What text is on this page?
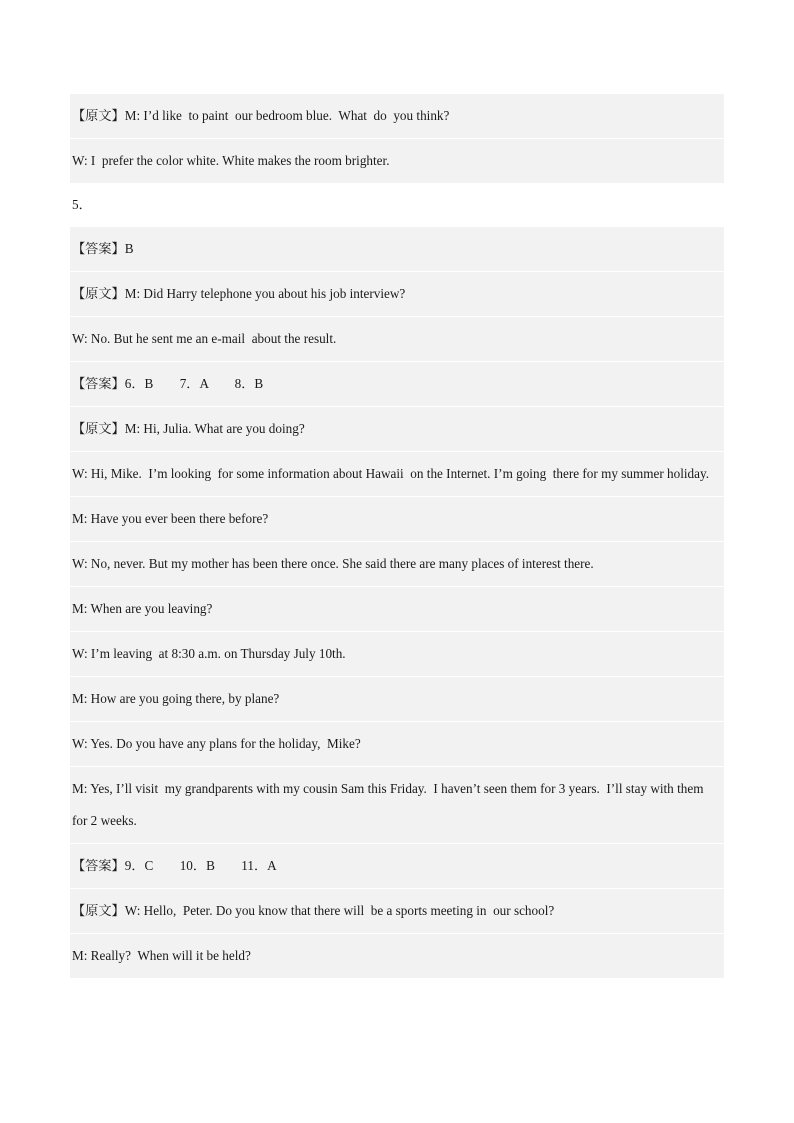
【原文】M: I’d like  to paint  our bedroom blue.  What  do  you think?
W: I  prefer the color white. White makes the room brighter.
5．
【答案】B
【原文】M: Did Harry telephone you about his job interview?
W: No. But he sent me an e-mail  about the result.
【答案】6．B　　7．A　　8．B
【原文】M: Hi, Julia. What are you doing?
W: Hi, Mike.  I’m looking  for some information about Hawaii  on the Internet. I’m going  there for my summer holiday.
M: Have you ever been there before?
W: No, never. But my mother has been there once. She said there are many places of interest there.
M: When are you leaving?
W: I’m leaving  at 8:30 a.m. on Thursday July 10th.
M: How are you going there, by plane?
W: Yes. Do you have any plans for the holiday,  Mike?
M: Yes, I’ll visit  my grandparents with my cousin Sam this Friday.  I haven’t seen them for 3 years.  I’ll stay with them for 2 weeks.
【答案】9．C　　10．B　　11．A
【原文】W: Hello,  Peter. Do you know that there will  be a sports meeting in  our school?
M: Really?  When will it be held?
